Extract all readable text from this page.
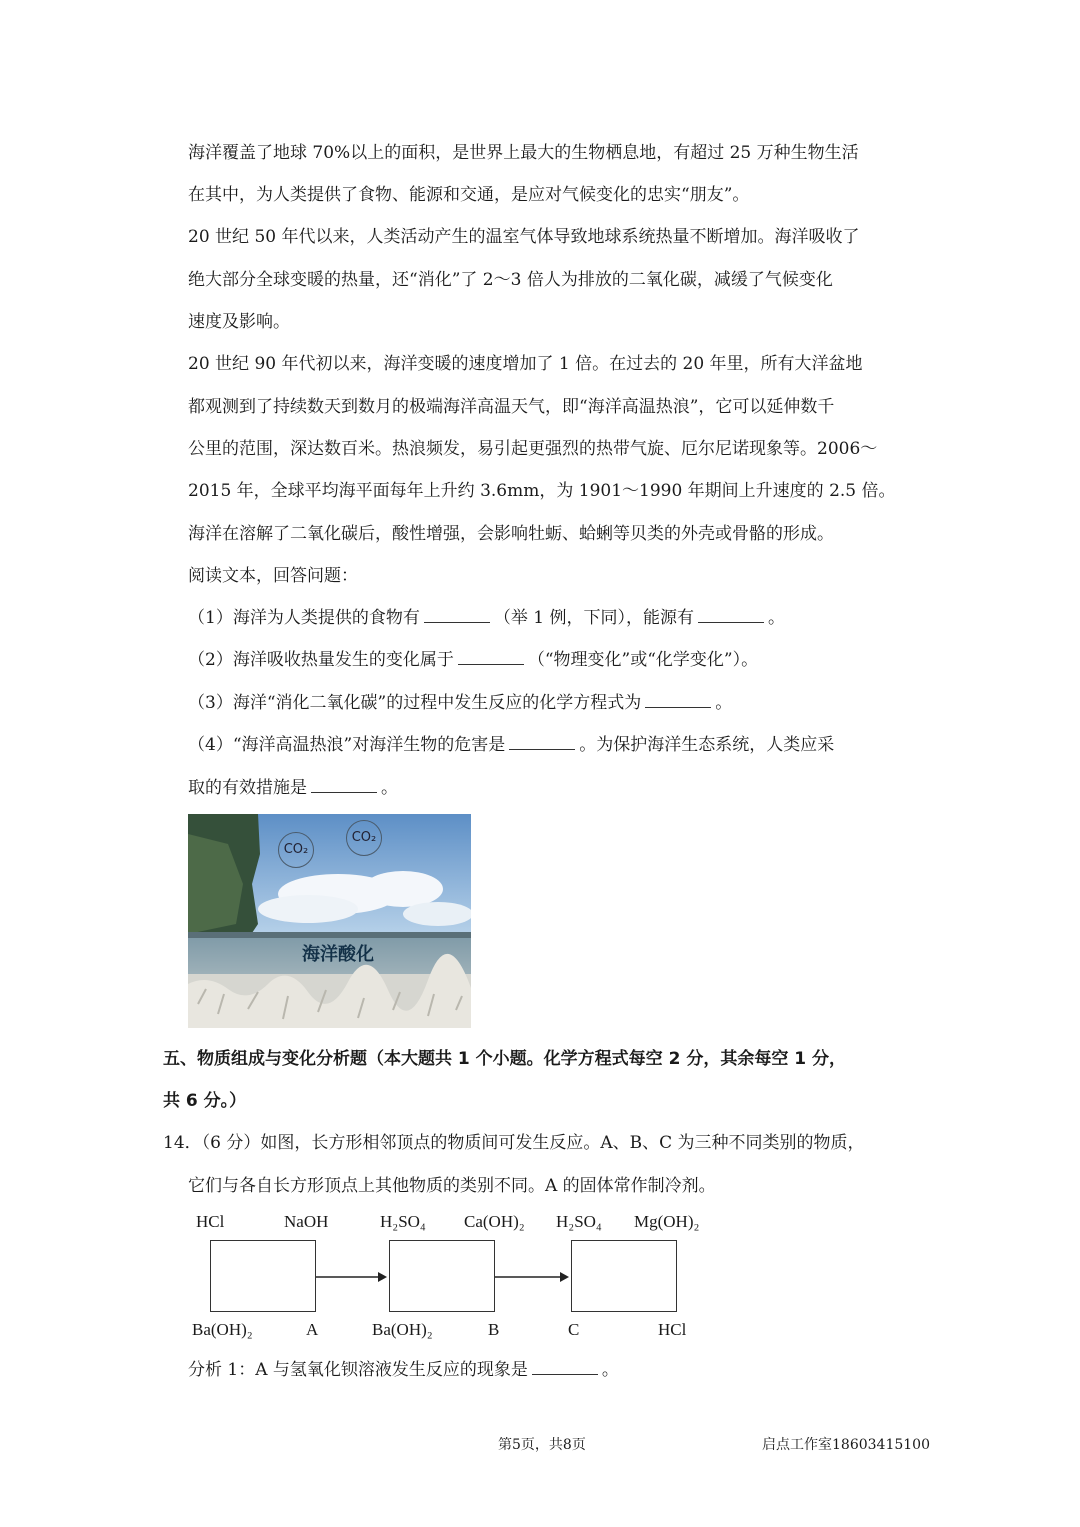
海洋覆盖了地球 70%以上的面积，是世界上最大的生物栖息地，有超过 25 万种生物生活
在其中，为人类提供了食物、能源和交通，是应对气候变化的忠实“朋友”。
20 世纪 50 年代以来，人类活动产生的温室气体导致地球系统热量不断增加。海洋吸收了
绝大部分全球变暖的热量，还“消化”了 2～3 倍人为排放的二氧化碳，减缓了气候变化
速度及影响。
20 世纪 90 年代初以来，海洋变暖的速度增加了 1 倍。在过去的 20 年里，所有大洋盆地
都观测到了持续数天到数月的极端海洋高温天气，即“海洋高温热浪”，它可以延伸数千
公里的范围，深达数百米。热浪频发，易引起更强烈的热带气旋、厄尔尼诺现象等。2006～
2015 年，全球平均海平面每年上升约 3.6mm，为 1901～1990 年期间上升速度的 2.5 倍。
海洋在溶解了二氧化碳后，酸性增强，会影响牡蛎、蛤蜊等贝类的外壳或骨骼的形成。
阅读文本，回答问题：
（1）海洋为人类提供的食物有	（举 1 例，下同），能源有	。
（2）海洋吸收热量发生的变化属于	（“物理变化”或“化学变化”）。
（3）海洋“消化二氧化碳”的过程中发生反应的化学方程式为	。
（4）“海洋高温热浪”对海洋生物的危害是	。为保护海洋生态系统，人类应采
取的有效措施是	。
CO₂
CO₂
海洋酸化
五、物质组成与变化分析题（本大题共 1 个小题。化学方程式每空 2 分，其余每空 1 分，
共 6 分。）
14．（6 分）如图，长方形相邻顶点的物质间可发生反应。A、B、C 为三种不同类别的物质，
它们与各自长方形顶点上其他物质的类别不同。A 的固体常作制冷剂。
HCl	NaOH
Ba(OH)₂	A
H₂SO₄ Ca(OH)₂
Ba(OH)₂	B
H₂SO₄ Mg(OH)₂
C	HCl
分析 1：A 与氢氧化钡溶液发生反应的现象是	。
第5页，共8页	启点工作室18603415100
